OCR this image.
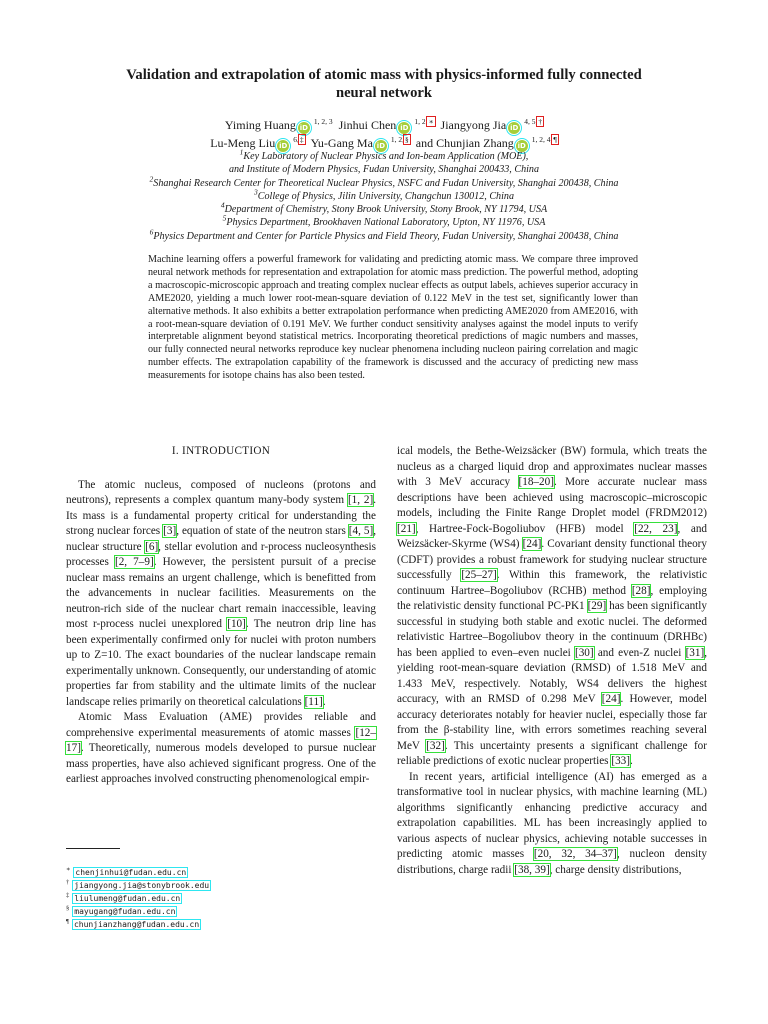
Validation and extrapolation of atomic mass with physics-informed fully connected
neural network
Yiming Huang iD$^{1, 2, 3}$ Jinhui Chen $iD^{1, 2,∗}$ Jiangyong Jia $iD^{4, 5,\dagger}$
Lu-Meng Liu $iD^{6,\ddagger}$ Yu-Gang Ma $iD^{1, 2,\S}$ and Chunjian Zhang $iD^{1, 2, 4,\P}$
$^1$Key Laboratory of Nuclear Physics and Ion-beam Application (MOE),
and Institute of Modern Physics, Fudan University, Shanghai 200433, China
$^2$Shanghai Research Center for Theoretical Nuclear Physics, NSFC and Fudan University, Shanghai 200438, China
$^3$College of Physics, Jilin University, Changchun 130012, China
$^4$Department of Chemistry, Stony Brook University, Stony Brook, NY 11794, USA
$^5$Physics Department, Brookhaven National Laboratory, Upton, NY 11976, USA
$^6$Physics Department and Center for Particle Physics and Field Theory, Fudan University, Shanghai 200438, China
Machine learning offers a powerful framework for validating and predicting atomic mass. We compare three improved neural network methods for representation and extrapolation for atomic mass prediction. The powerful method, adopting a macroscopic-microscopic approach and treating complex nuclear effects as output labels, achieves superior accuracy in AME2020, yielding a much lower root-mean-square deviation of 0.122 MeV in the test set, significantly lower than alternative methods. It also exhibits a better extrapolation performance when predicting AME2020 from AME2016, with a root-mean-square deviation of 0.191 MeV. We further conduct sensitivity analyses against the model inputs to verify interpretable alignment beyond statistical metrics. Incorporating theoretical predictions of magic numbers and masses, our fully connected neural networks reproduce key nuclear phenomena including nucleon pairing correlation and magic number effects. The extrapolation capability of the framework is discussed and the accuracy of predicting new mass measurements for isotope chains has also been tested.
I. INTRODUCTION

The atomic nucleus, composed of nucleons (protons and neutrons), represents a complex quantum many-body system [1, 2]. Its mass is a fundamental property critical for understanding the strong nuclear forces [3], equation of state of the neutron stars [4, 5], nuclear structure [6], stellar evolution and r-process nucleosynthesis processes [2, 7–9]. However, the persistent pursuit of a precise nuclear mass remains an urgent challenge, which is benefitted from the advancements in nuclear facilities. Measurements on the neutron-rich side of the nuclear chart remain inaccessible, leaving most r-process nuclei unexplored [10]. The neutron drip line has been experimentally confirmed only for nuclei with proton numbers up to Z=10. The exact boundaries of the nuclear landscape remain experimentally unknown. Consequently, our understanding of atomic properties far from stability and the ultimate limits of the nuclear landscape relies primarily on theoretical calculations [11].

Atomic Mass Evaluation (AME) provides reliable and comprehensive experimental measurements of atomic masses [12–17]. Theoretically, numerous models developed to pursue nuclear mass properties, have also achieved significant progress. One of the earliest approaches involved constructing phenomenological empir-

ical models, the Bethe-Weizsäcker (BW) formula, which treats the nucleus as a charged liquid drop and approximates nuclear masses with 3 MeV accuracy [18–20]. More accurate nuclear mass descriptions have been achieved using macroscopic–microscopic models, including the Finite Range Droplet model (FRDM2012) [21], Hartree-Fock-Bogoliubov (HFB) model [22, 23], and Weizsäcker-Skyrme (WS4) [24]. Covariant density functional theory (CDFT) provides a robust framework for studying nuclear structure successfully [25–27]. Within this framework, the relativistic continuum Hartree–Bogoliubov (RCHB) method [28], employing the relativistic density functional PC-PK1 [29] has been significantly successful in studying both stable and exotic nuclei. The deformed relativistic Hartree–Bogoliubov theory in the continuum (DRHBc) has been applied to even–even nuclei [30] and even-Z nuclei [31], yielding root-mean-square deviation (RMSD) of 1.518 MeV and 1.433 MeV, respectively. Notably, WS4 delivers the highest accuracy, with an RMSD of 0.298 MeV [24]. However, model accuracy deteriorates notably for heavier nuclei, especially those far from the β-stability line, with errors sometimes reaching several MeV [32]. This uncertainty presents a significant challenge for reliable predictions of exotic nuclear properties [33].

In recent years, artificial intelligence (AI) has emerged as a transformative tool in nuclear physics, with machine learning (ML) algorithms significantly enhancing predictive accuracy and extrapolation capabilities. ML has been increasingly applied to various aspects of nuclear physics, achieving notable successes in predicting atomic masses [20, 32, 34–37], nucleon density distributions, charge radii [38, 39], charge density distributions,

∗ chenjinhui@fudan.edu.cn
† jiangyong.jia@stonybrook.edu
‡ liulumeng@fudan.edu.cn
§ mayugang@fudan.edu.cn
¶ chunjianzhang@fudan.edu.cn
